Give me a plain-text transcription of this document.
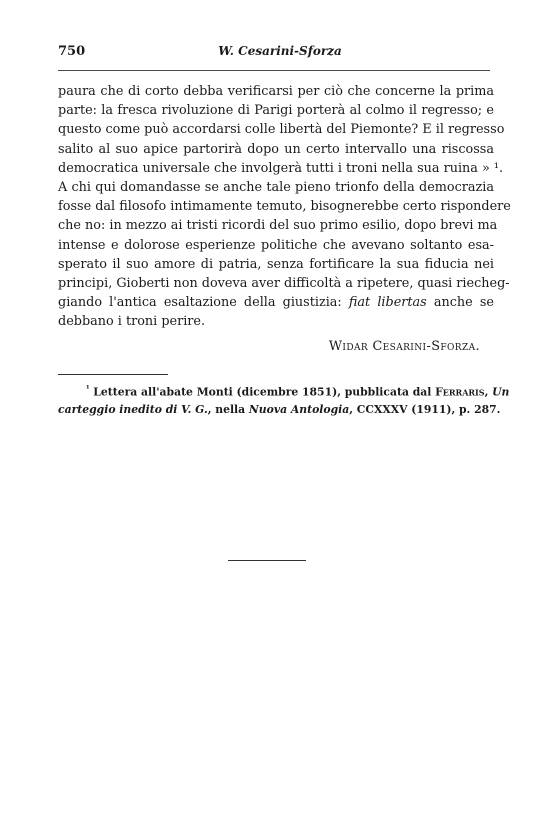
750	W. Cesarini-Sforza
paura che di corto debba verificarsi per ciò che concerne la prima
parte: la fresca rivoluzione di Parigi porterà al colmo il regresso; e
questo come può accordarsi colle libertà del Piemonte? E il regresso
salito al suo apice partorirà dopo un certo intervallo una riscossa
democratica universale che involgerà tutti i troni nella sua ruina » ¹.
A chi qui domandasse se anche tale pieno trionfo della democrazia
fosse dal filosofo intimamente temuto, bisognerebbe certo rispondere
che no: in mezzo ai tristi ricordi del suo primo esilio, dopo brevi ma
intense e dolorose esperienze politiche che avevano soltanto esa-
sperato il suo amore di patria, senza fortificare la sua fiducia nei
principi, Gioberti non doveva aver difficoltà a ripetere, quasi riecheg-
giando l'antica esaltazione della giustizia: fiat libertas anche se
debbano i troni perire.
Widar Cesarini-Sforza.
$^{^1}$ Lettera all'abate Monti (dicembre 1851), pubblicata dal Ferraris, Un
carteggio inedito di V. G., nella Nuova Antologia, CCXXXV (1911), p. 287.
